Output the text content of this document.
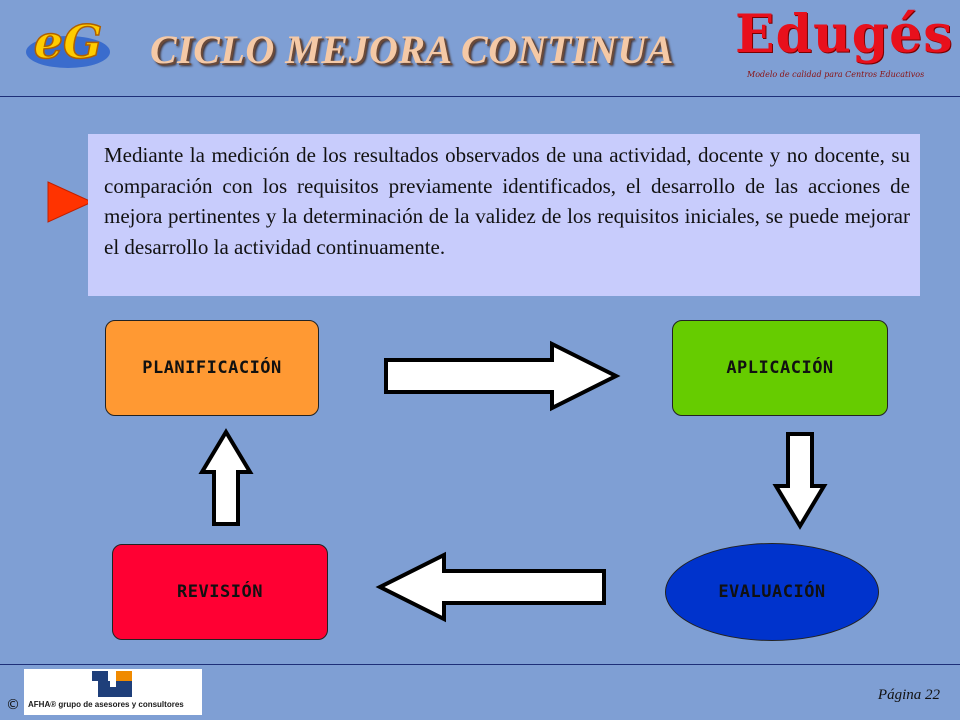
eG CICLO MEJORA CONTINUA	Edugés
Modelo de calidad para Centros Educativos

Mediante la medición de los resultados observados de una actividad, docente y no docente, su comparación con los requisitos previamente identificados, el desarrollo de las acciones de mejora pertinentes y la determinación de la validez de los requisitos iniciales, se puede mejorar el desarrollo la actividad continuamente.

PLANIFICACIÓN	APLICACIÓN
EVALUACIÓN
REVISIÓN
©	AFHA® grupo de asesores y consultores
Página 22
